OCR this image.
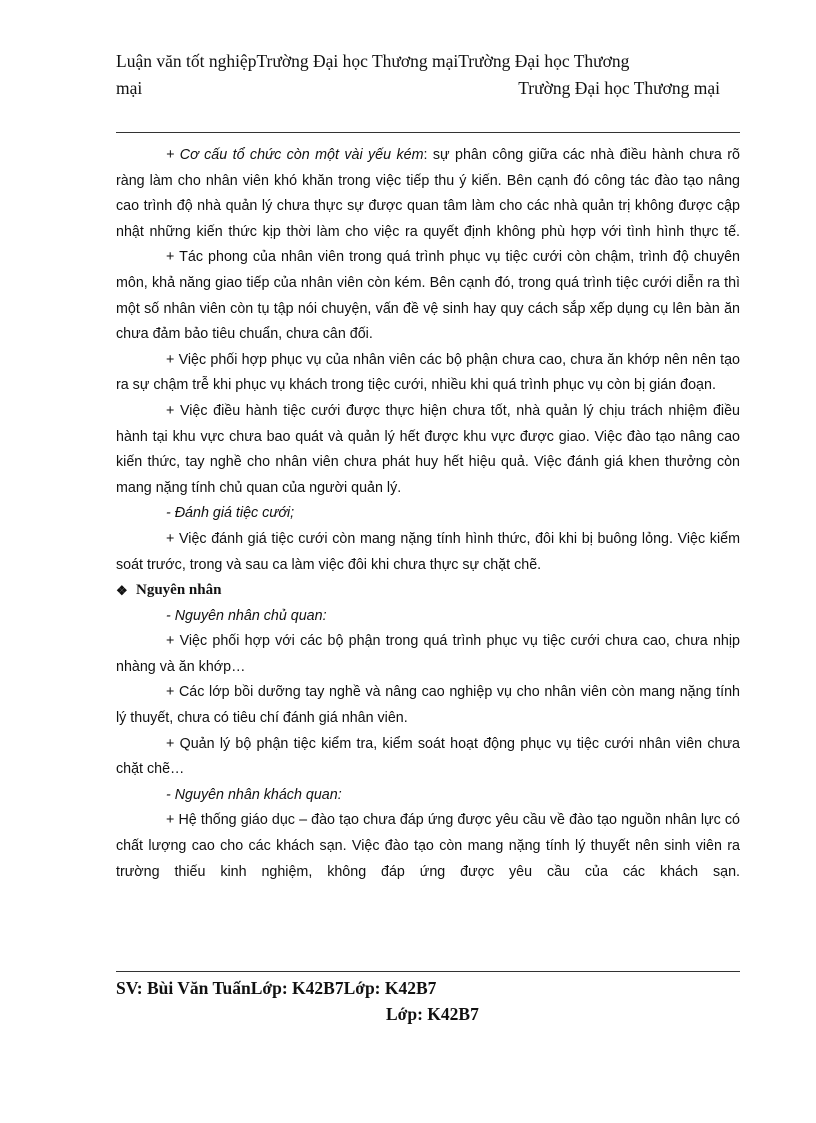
Luận văn tốt nghiệpTrường Đại học Thương mạiTrường Đại học Thương
mại	Trường Đại học Thương mại

+ Cơ cấu tổ chức còn một vài yếu kém: sự phân công giữa các nhà điều hành chưa rõ ràng làm cho nhân viên khó khăn trong việc tiếp thu ý kiến. Bên cạnh đó công tác đào tạo nâng cao trình độ nhà quản lý chưa thực sự được quan tâm làm cho các nhà quản trị không được cập nhật những kiến thức kịp thời làm cho việc ra quyết định không phù hợp với tình hình thực tế.

+ Tác phong của nhân viên trong quá trình phục vụ tiệc cưới còn chậm, trình độ chuyên môn, khả năng giao tiếp của nhân viên còn kém. Bên cạnh đó, trong quá trình tiệc cưới diễn ra thì một số nhân viên còn tụ tập nói chuyện, vấn đề vệ sinh hay quy cách sắp xếp dụng cụ lên bàn ăn chưa đảm bảo tiêu chuẩn, chưa cân đối.

+ Việc phối hợp phục vụ của nhân viên các bộ phận chưa cao, chưa ăn khớp nên nên tạo ra sự chậm trễ khi phục vụ khách trong tiệc cưới, nhiều khi quá trình phục vụ còn bị gián đoạn.

+ Việc điều hành tiệc cưới được thực hiện chưa tốt, nhà quản lý chịu trách nhiệm điều hành tại khu vực chưa bao quát và quản lý hết được khu vực được giao. Việc đào tạo nâng cao kiến thức, tay nghề cho nhân viên chưa phát huy hết hiệu quả. Việc đánh giá khen thưởng còn mang nặng tính chủ quan của người quản lý.

- Đánh giá tiệc cưới;

+ Việc đánh giá tiệc cưới còn mang nặng tính hình thức, đôi khi bị buông lỏng. Việc kiểm soát trước, trong và sau ca làm việc đôi khi chưa thực sự chặt chẽ.

❖ Nguyên nhân

- Nguyên nhân chủ quan:

+ Việc phối hợp với các bộ phận trong quá trình phục vụ tiệc cưới chưa cao, chưa nhịp nhàng và ăn khớp…

+ Các lớp bồi dưỡng tay nghề và nâng cao nghiệp vụ cho nhân viên còn mang nặng tính lý thuyết, chưa có tiêu chí đánh giá nhân viên.

+ Quản lý bộ phận tiệc kiểm tra, kiểm soát hoạt động phục vụ tiệc cưới nhân viên chưa chặt chẽ…

- Nguyên nhân khách quan:

+ Hệ thống giáo dục – đào tạo chưa đáp ứng được yêu cầu về đào tạo nguồn nhân lực có chất lượng cao cho các khách sạn. Việc đào tạo còn mang nặng tính lý thuyết nên sinh viên ra trường thiếu kinh nghiệm, không đáp ứng được yêu cầu của các khách sạn.

SV: Bùi Văn TuấnLớp: K42B7Lớp: K42B7
Lớp: K42B7
